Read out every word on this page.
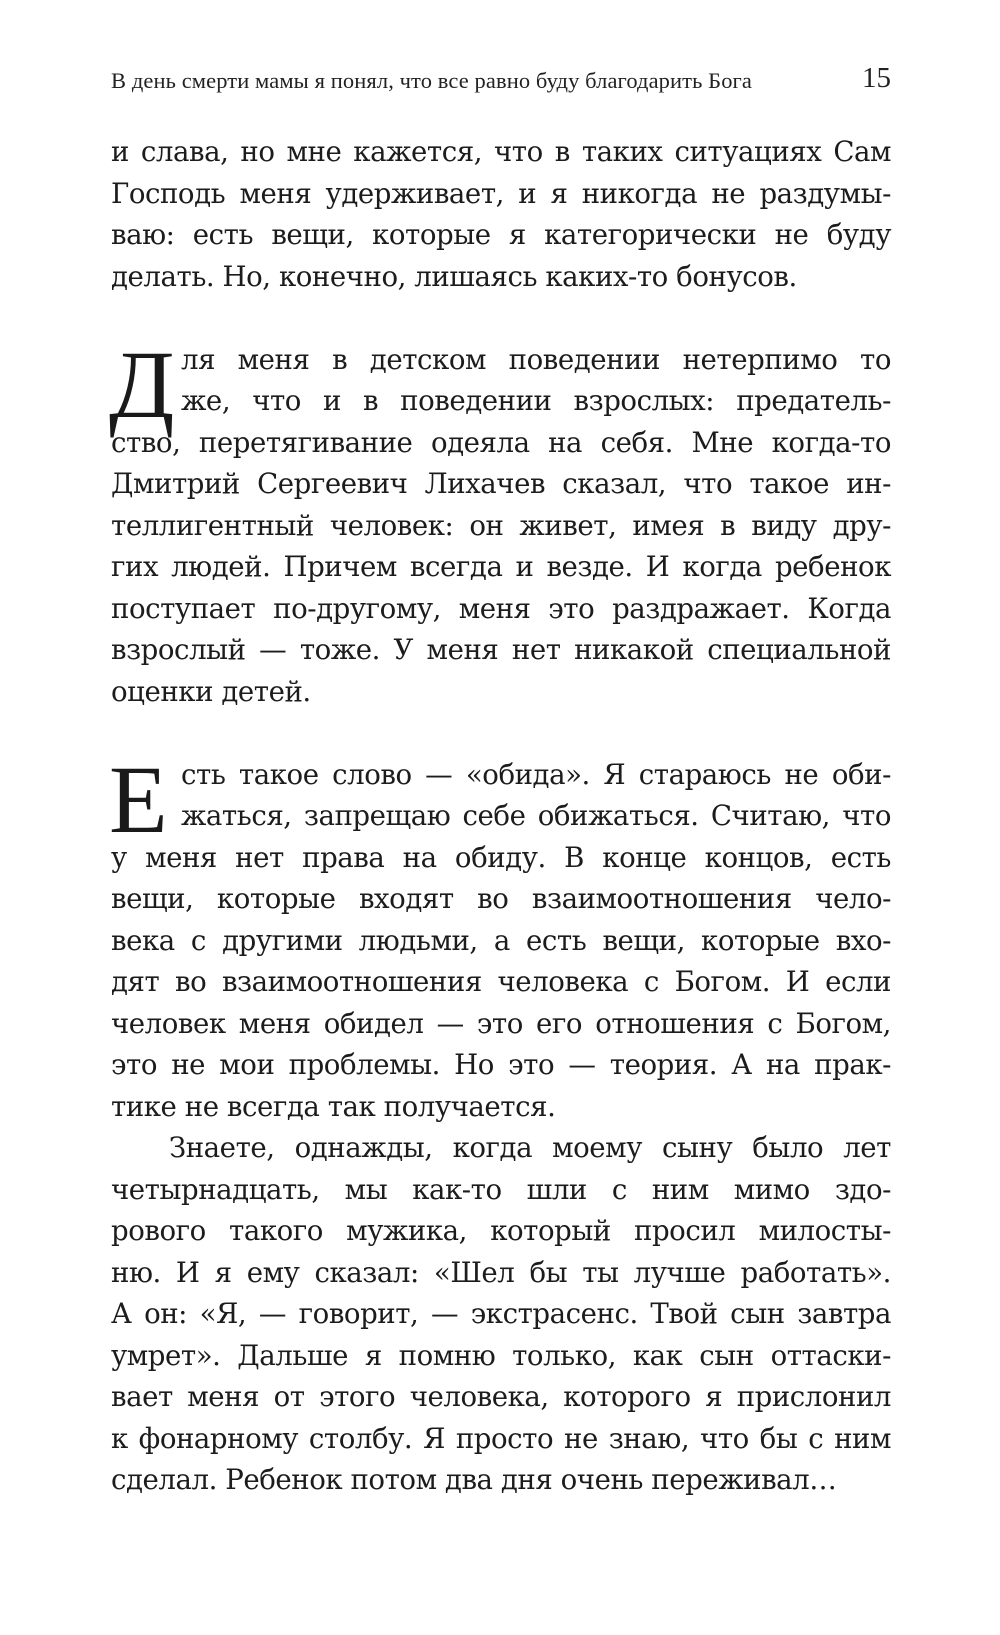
В день смерти мамы я понял, что все равно буду благодарить Бога	15
и слава, но мне кажется, что в таких ситуациях Сам
Господь меня удерживает, и я никогда не раздумы-
ваю: есть вещи, которые я категорически не буду
делать. Но, конечно, лишаясь каких-то бонусов.
Д ля меня в детском поведении нетерпимо то
же, что и в поведении взрослых: предатель-
ство, перетягивание одеяла на себя. Мне когда-то
Дмитрий Сергеевич Лихачев сказал, что такое ин-
теллигентный человек: он живет, имея в виду дру-
гих людей. Причем всегда и везде. И когда ребенок
поступает по-другому, меня это раздражает. Когда
взрослый — тоже. У меня нет никакой специальной
оценки детей.
Е сть такое слово — «обида». Я стараюсь не оби-
жаться, запрещаю себе обижаться. Считаю, что
у меня нет права на обиду. В конце концов, есть
вещи, которые входят во взаимоотношения чело-
века с другими людьми, а есть вещи, которые вхо-
дят во взаимоотношения человека с Богом. И если
человек меня обидел — это его отношения с Богом,
это не мои проблемы. Но это — теория. А на прак-
тике не всегда так получается.
Знаете, однажды, когда моему сыну было лет
четырнадцать, мы как-то шли с ним мимо здо-
рового такого мужика, который просил милосты-
ню. И я ему сказал: «Шел бы ты лучше работать».
А он: «Я, — говорит, — экстрасенс. Твой сын завтра
умрет». Дальше я помню только, как сын оттаски-
вает меня от этого человека, которого я прислонил
к фонарному столбу. Я просто не знаю, что бы с ним
сделал. Ребенок потом два дня очень переживал…
